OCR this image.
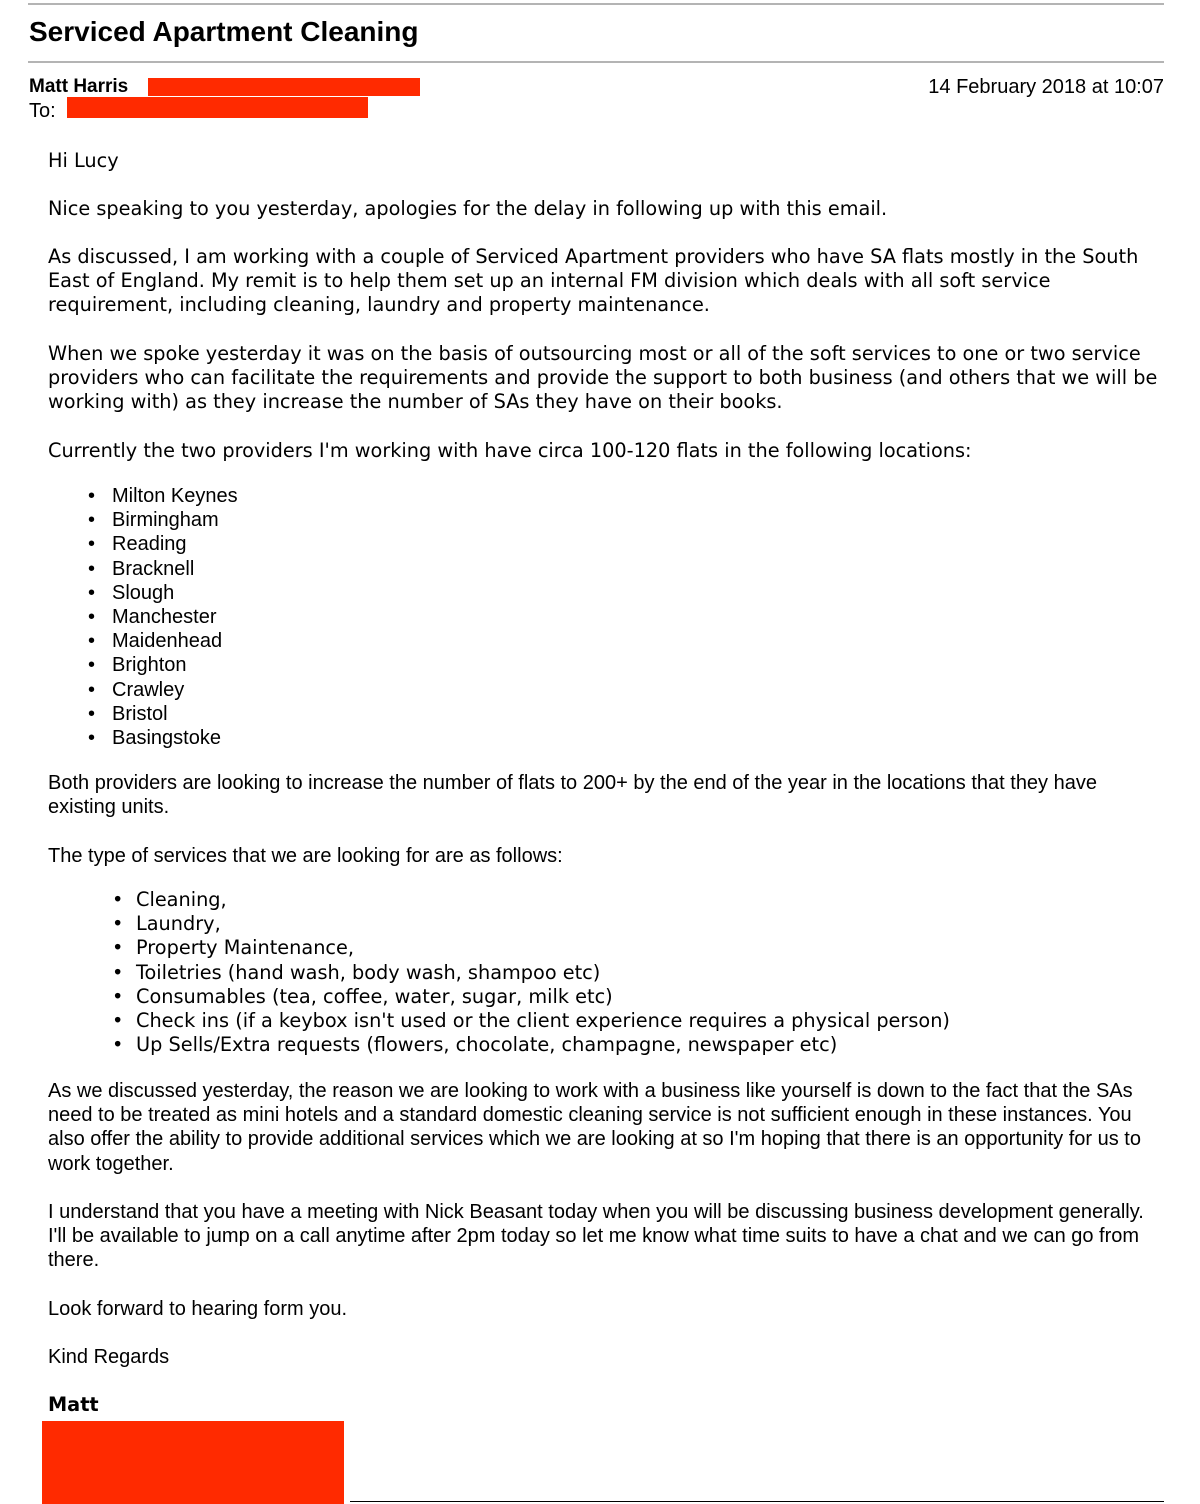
Serviced Apartment Cleaning
Matt Harris
To:
14 February 2018 at 10:07

Hi Lucy

Nice speaking to you yesterday, apologies for the delay in following up with this email.

As discussed, I am working with a couple of Serviced Apartment providers who have SA flats mostly in the South East of England. My remit is to help them set up an internal FM division which deals with all soft service requirement, including cleaning, laundry and property maintenance.

When we spoke yesterday it was on the basis of outsourcing most or all of the soft services to one or two service providers who can facilitate the requirements and provide the support to both business (and others that we will be working with) as they increase the number of SAs they have on their books.

Currently the two providers I'm working with have circa 100-120 flats in the following locations:

• Milton Keynes
• Birmingham
• Reading
• Bracknell
• Slough
• Manchester
• Maidenhead
• Brighton
• Crawley
• Bristol
• Basingstoke

Both providers are looking to increase the number of flats to 200+ by the end of the year in the locations that they have existing units.

The type of services that we are looking for are as follows:

• Cleaning,
• Laundry,
• Property Maintenance,
• Toiletries (hand wash, body wash, shampoo etc)
• Consumables (tea, coffee, water, sugar, milk etc)
• Check ins (if a keybox isn't used or the client experience requires a physical person)
• Up Sells/Extra requests (flowers, chocolate, champagne, newspaper etc)

As we discussed yesterday, the reason we are looking to work with a business like yourself is down to the fact that the SAs need to be treated as mini hotels and a standard domestic cleaning service is not sufficient enough in these instances. You also offer the ability to provide additional services which we are looking at so I'm hoping that there is an opportunity for us to work together.

I understand that you have a meeting with Nick Beasant today when you will be discussing business development generally. I'll be available to jump on a call anytime after 2pm today so let me know what time suits to have a chat and we can go from there.

Look forward to hearing form you.

Kind Regards

Matt
